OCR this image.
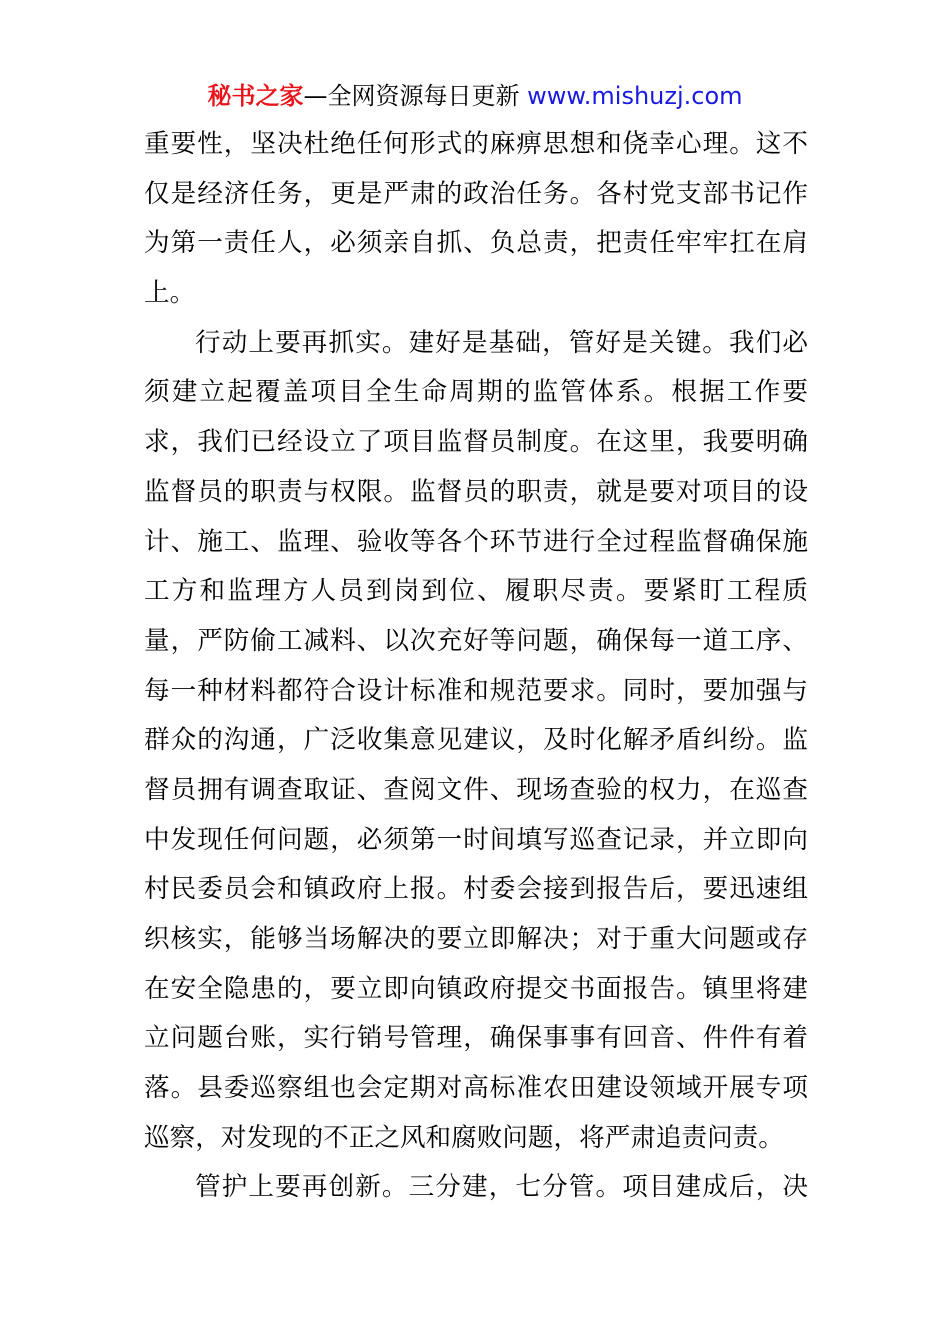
秘书之家—全网资源每日更新 www.mishuzj.com
重要性，坚决杜绝任何形式的麻痹思想和侥幸心理。这不
仅是经济任务，更是严肃的政治任务。各村党支部书记作
为第一责任人，必须亲自抓、负总责，把责任牢牢扛在肩
上。
行动上要再抓实。建好是基础，管好是关键。我们必
须建立起覆盖项目全生命周期的监管体系。根据工作要
求，我们已经设立了项目监督员制度。在这里，我要明确
监督员的职责与权限。监督员的职责，就是要对项目的设
计、施工、监理、验收等各个环节进行全过程监督确保施
工方和监理方人员到岗到位、履职尽责。要紧盯工程质
量，严防偷工减料、以次充好等问题，确保每一道工序、
每一种材料都符合设计标准和规范要求。同时，要加强与
群众的沟通，广泛收集意见建议，及时化解矛盾纠纷。监
督员拥有调查取证、查阅文件、现场查验的权力，在巡查
中发现任何问题，必须第一时间填写巡查记录，并立即向
村民委员会和镇政府上报。村委会接到报告后，要迅速组
织核实，能够当场解决的要立即解决；对于重大问题或存
在安全隐患的，要立即向镇政府提交书面报告。镇里将建
立问题台账，实行销号管理，确保事事有回音、件件有着
落。县委巡察组也会定期对高标准农田建设领域开展专项
巡察，对发现的不正之风和腐败问题，将严肃追责问责。
管护上要再创新。三分建，七分管。项目建成后，决
